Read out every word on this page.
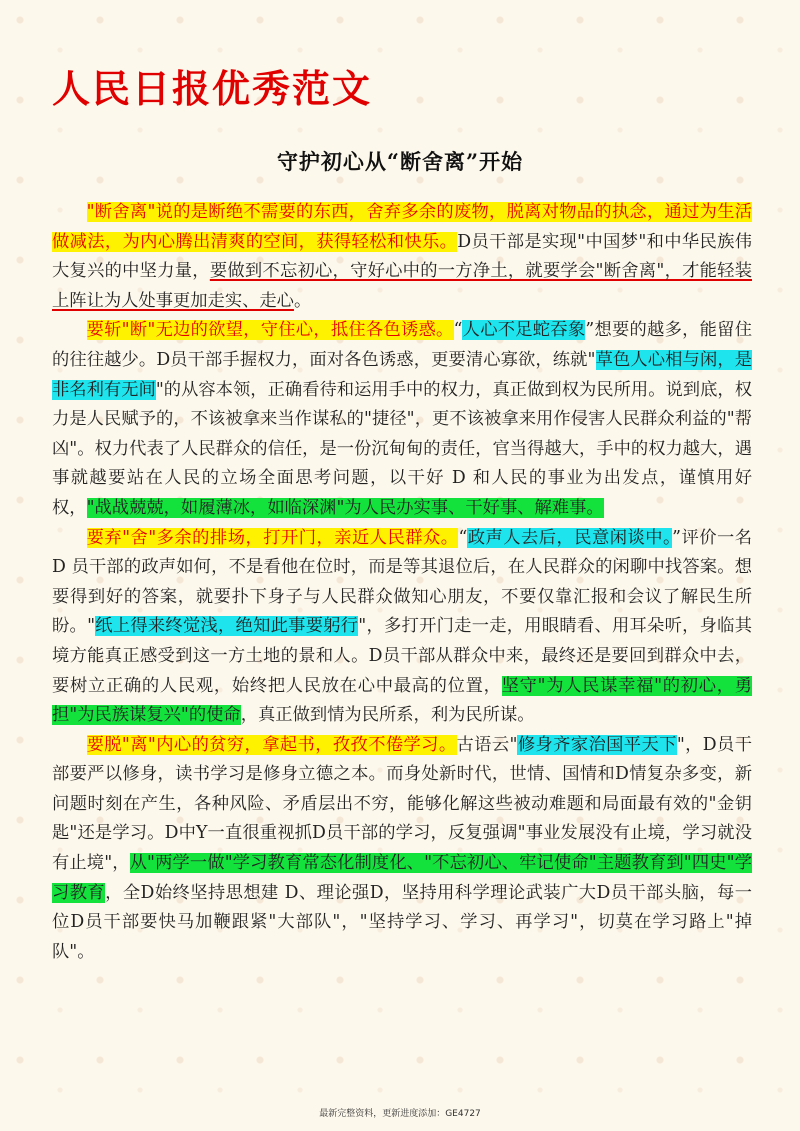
人民日报优秀范文
守护初心从“断舍离”开始

"断舍离"说的是断绝不需要的东西，舍弃多余的废物，脱离对物品的执念，通过为生活做减法，为内心腾出清爽的空间，获得轻松和快乐。D员干部是实现"中国梦"和中华民族伟大复兴的中坚力量，要做到不忘初心，守好心中的一方净土，就要学会"断舍离"，才能轻装上阵让为人处事更加走实、走心。

要斩"断"无边的欲望，守住心，抵住各色诱惑。“人心不足蛇吞象”想要的越多，能留住的往往越少。D员干部手握权力，面对各色诱惑，更要清心寡欲，练就"草色人心相与闲，是非名利有无间"的从容本领，正确看待和运用手中的权力，真正做到权为民所用。说到底，权力是人民赋予的，不该被拿来当作谋私的"捷径"，更不该被拿来用作侵害人民群众利益的"帮凶"。权力代表了人民群众的信任，是一份沉甸甸的责任，官当得越大，手中的权力越大，遇事就越要站在人民的立场全面思考问题，以干好 D 和人民的事业为出发点，谨慎用好权，"战战兢兢，如履薄冰，如临深渊"为人民办实事、干好事、解难事。

要弃"舍"多余的排场，打开门，亲近人民群众。“政声人去后，民意闲谈中。”评价一名 D 员干部的政声如何，不是看他在位时，而是等其退位后，在人民群众的闲聊中找答案。想要得到好的答案，就要扑下身子与人民群众做知心朋友，不要仅靠汇报和会议了解民生所盼。"纸上得来终觉浅，绝知此事要躬行"，多打开门走一走，用眼睛看、用耳朵听，身临其境方能真正感受到这一方土地的景和人。D员干部从群众中来，最终还是要回到群众中去，要树立正确的人民观，始终把人民放在心中最高的位置，坚守"为人民谋幸福"的初心，勇担"为民族谋复兴"的使命，真正做到情为民所系，利为民所谋。

要脱"离"内心的贫穷，拿起书，孜孜不倦学习。古语云"修身齐家治国平天下"，D员干部要严以修身，读书学习是修身立德之本。而身处新时代，世情、国情和D情复杂多变，新问题时刻在产生，各种风险、矛盾层出不穷，能够化解这些被动难题和局面最有效的"金钥匙"还是学习。D中Y一直很重视抓D员干部的学习，反复强调"事业发展没有止境，学习就没有止境"，从"两学一做"学习教育常态化制度化、"不忘初心、牢记使命"主题教育到"四史"学习教育，全D始终坚持思想建 D、理论强D，坚持用科学理论武装广大D员干部头脑，每一位D员干部要快马加鞭跟紧"大部队"，"坚持学习、学习、再学习"，切莫在学习路上"掉队"。

最新完整资料，更新进度添加：GE4727
